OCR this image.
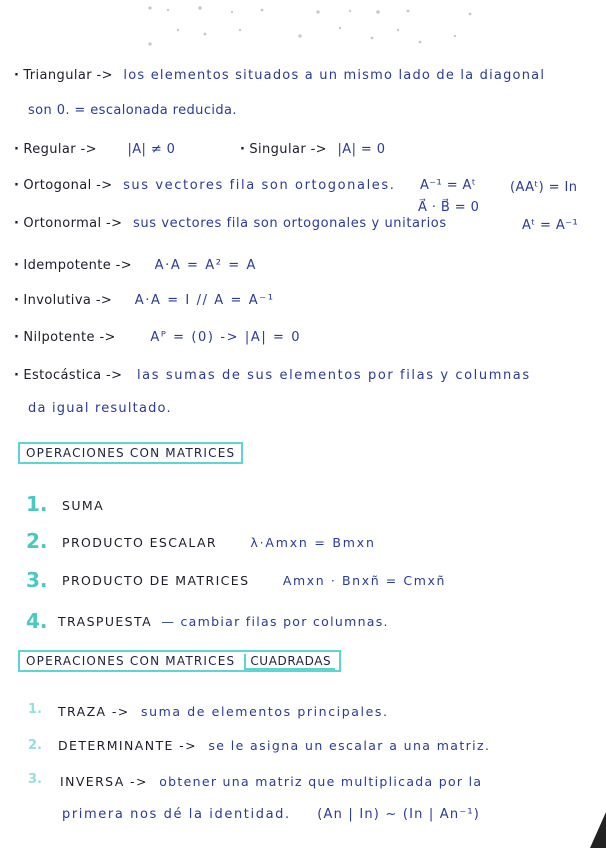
· Triangular -> los elementos situados a un mismo lado de la diagonal
son 0. = escalonada reducida.
· Regular -> |A| ≠ 0	· Singular -> |A| = 0
· Ortogonal -> sus vectores fila son ortogonales. A⁻¹ = Aᵗ	(AAᵗ) = In
A⃗ · B⃗ = 0
· Ortonormal -> sus vectores fila son ortogonales y unitarios	Aᵗ = A⁻¹
· Idempotente -> A·A = A² = A
· Involutiva -> A·A = I // A = A⁻¹
· Nilpotente ->	Aᴾ = (0) -> |A| = 0
· Estocástica -> las sumas de sus elementos por filas y columnas
da igual resultado.
OPERACIONES CON MATRICES
1. SUMA
2. PRODUCTO ESCALAR	λ·Amxn = Bmxn
3. PRODUCTO DE MATRICES	Amxn · Bnxñ = Cmxñ
4. TRASPUESTA — cambiar filas por columnas.
OPERACIONES CON MATRICES CUADRADAS
1. TRAZA -> suma de elementos principales.
2. DETERMINANTE -> se le asigna un escalar a una matriz.
3. INVERSA -> obtener una matriz que multiplicada por la
primera nos dé la identidad. (An | In) ~ (In | An⁻¹)
